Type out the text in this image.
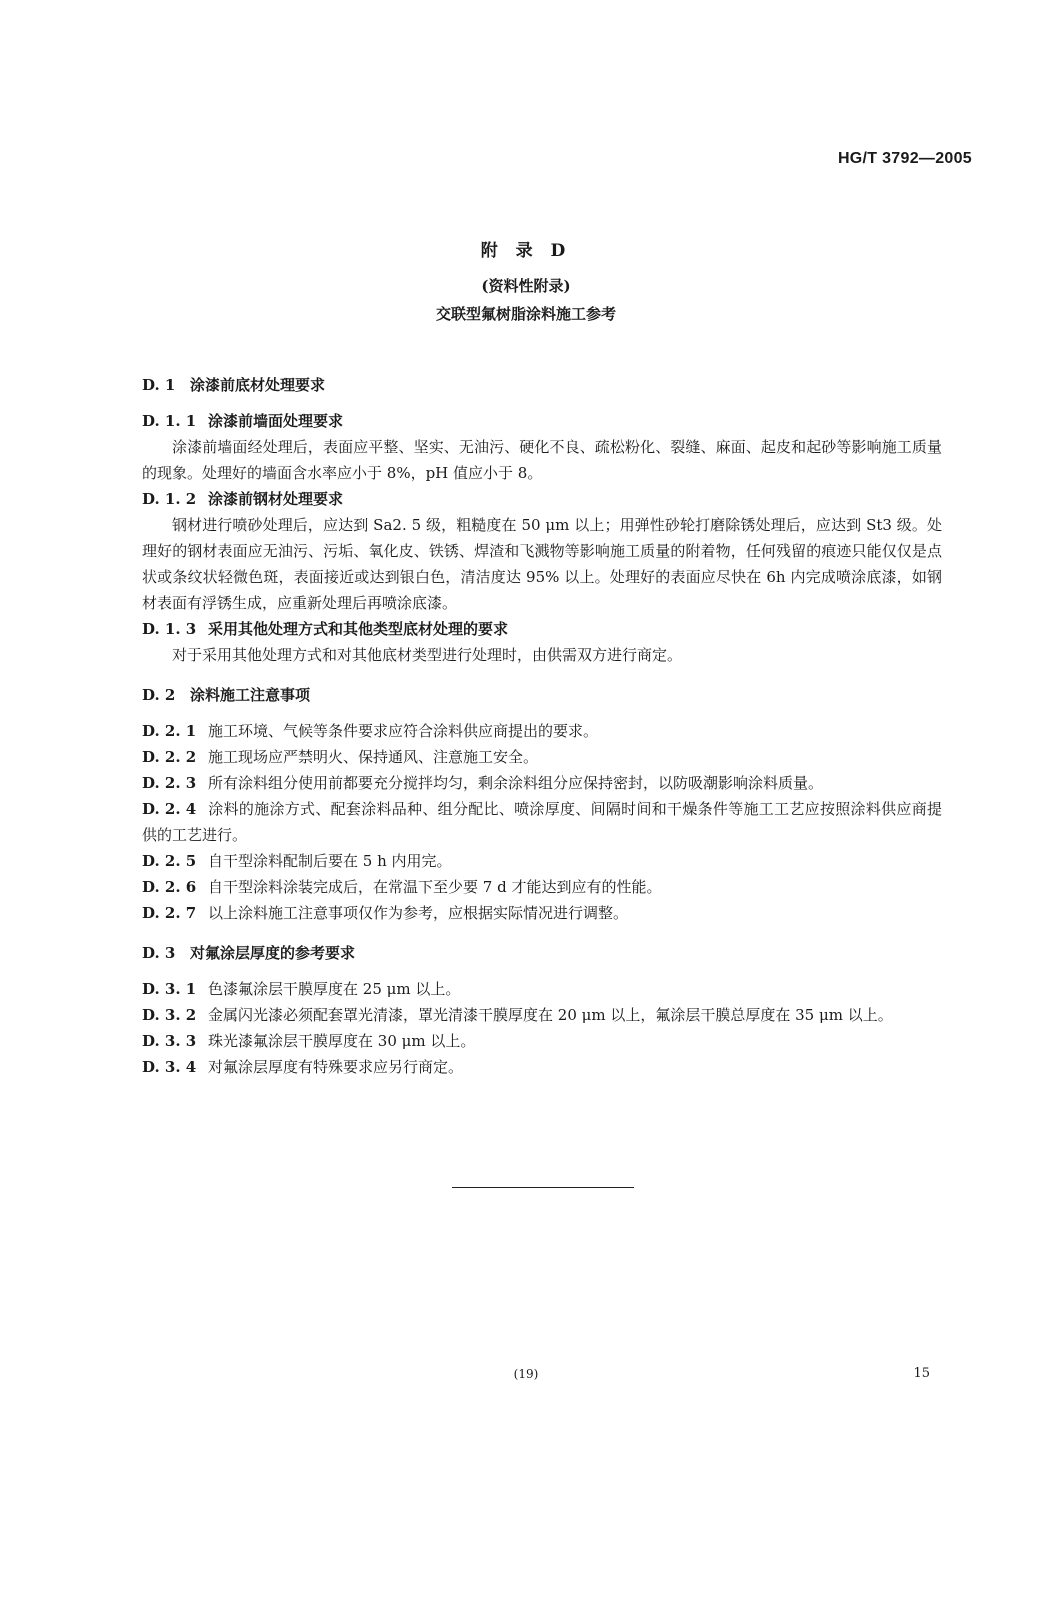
HG/T 3792—2005
附 录 D
(资料性附录)
交联型氟树脂涂料施工参考

D. 1 涂漆前底材处理要求

D. 1. 1 涂漆前墙面处理要求

涂漆前墙面经处理后，表面应平整、坚实、无油污、硬化不良、疏松粉化、裂缝、麻面、起皮和起砂等影响施工质量的现象。处理好的墙面含水率应小于 8%，pH 值应小于 8。

D. 1. 2 涂漆前钢材处理要求

钢材进行喷砂处理后，应达到 Sa2. 5 级，粗糙度在 50 μm 以上；用弹性砂轮打磨除锈处理后，应达到 St3 级。处理好的钢材表面应无油污、污垢、氧化皮、铁锈、焊渣和飞溅物等影响施工质量的附着物，任何残留的痕迹只能仅仅是点状或条纹状轻微色斑，表面接近或达到银白色，清洁度达 95% 以上。处理好的表面应尽快在 6h 内完成喷涂底漆，如钢材表面有浮锈生成，应重新处理后再喷涂底漆。

D. 1. 3 采用其他处理方式和其他类型底材处理的要求

对于采用其他处理方式和对其他底材类型进行处理时，由供需双方进行商定。

D. 2 涂料施工注意事项

D. 2. 1 施工环境、气候等条件要求应符合涂料供应商提出的要求。

D. 2. 2 施工现场应严禁明火、保持通风、注意施工安全。

D. 2. 3 所有涂料组分使用前都要充分搅拌均匀，剩余涂料组分应保持密封，以防吸潮影响涂料质量。

D. 2. 4 涂料的施涂方式、配套涂料品种、组分配比、喷涂厚度、间隔时间和干燥条件等施工工艺应按照涂料供应商提供的工艺进行。

D. 2. 5 自干型涂料配制后要在 5 h 内用完。

D. 2. 6 自干型涂料涂装完成后，在常温下至少要 7 d 才能达到应有的性能。

D. 2. 7 以上涂料施工注意事项仅作为参考，应根据实际情况进行调整。

D. 3 对氟涂层厚度的参考要求

D. 3. 1 色漆氟涂层干膜厚度在 25 μm 以上。

D. 3. 2 金属闪光漆必须配套罩光清漆，罩光清漆干膜厚度在 20 μm 以上，氟涂层干膜总厚度在 35 μm 以上。

D. 3. 3 珠光漆氟涂层干膜厚度在 30 μm 以上。

D. 3. 4 对氟涂层厚度有特殊要求应另行商定。

(19)	15
